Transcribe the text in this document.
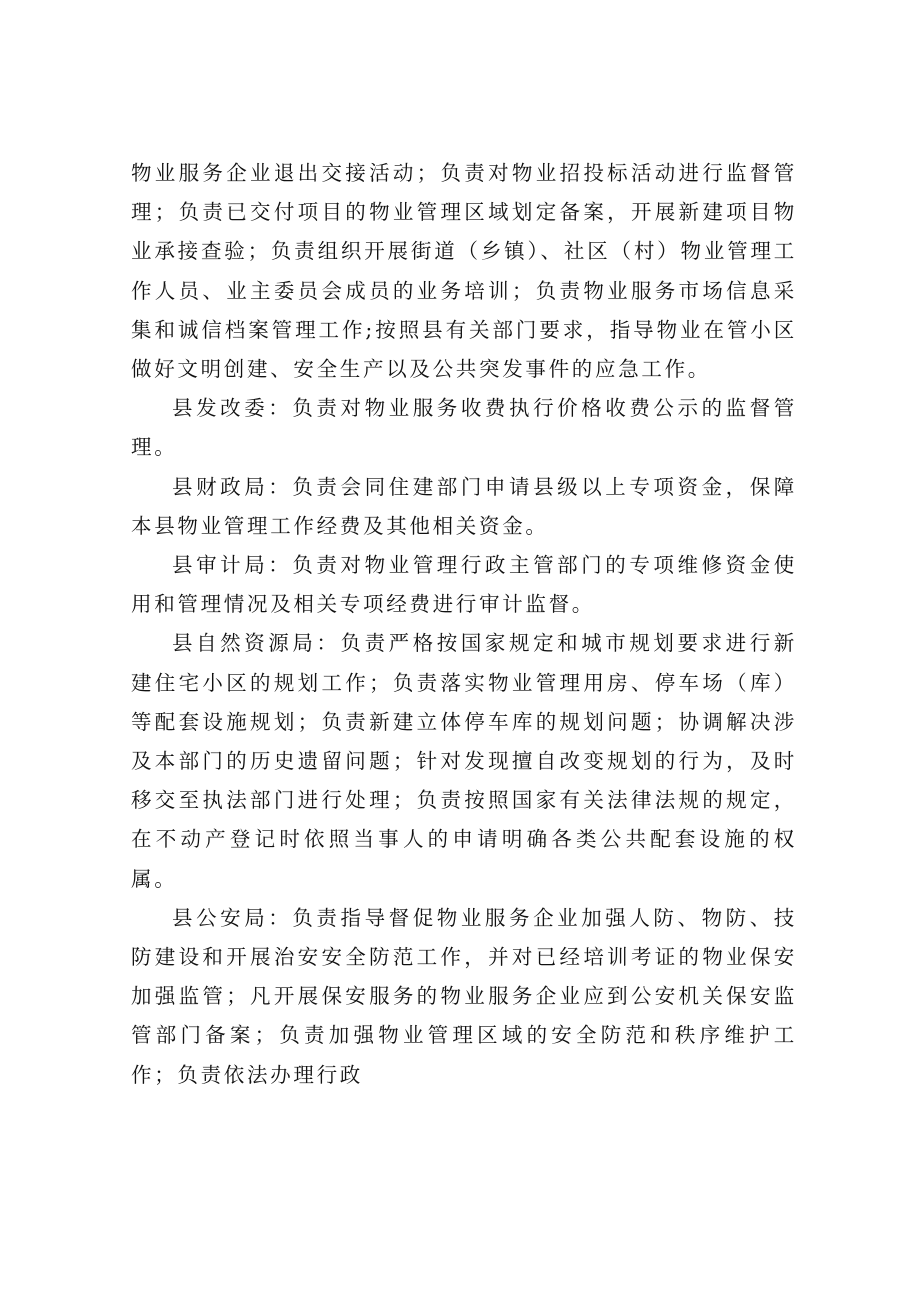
物业服务企业退出交接活动；负责对物业招投标活动进行监督管理；负责已交付项目的物业管理区域划定备案，开展新建项目物业承接查验；负责组织开展街道（乡镇）、社区（村）物业管理工作人员、业主委员会成员的业务培训；负责物业服务市场信息采集和诚信档案管理工作;按照县有关部门要求，指导物业在管小区做好文明创建、安全生产以及公共突发事件的应急工作。

县发改委：负责对物业服务收费执行价格收费公示的监督管理。

县财政局：负责会同住建部门申请县级以上专项资金，保障本县物业管理工作经费及其他相关资金。

县审计局：负责对物业管理行政主管部门的专项维修资金使用和管理情况及相关专项经费进行审计监督。

县自然资源局：负责严格按国家规定和城市规划要求进行新建住宅小区的规划工作；负责落实物业管理用房、停车场（库）等配套设施规划；负责新建立体停车库的规划问题；协调解决涉及本部门的历史遗留问题；针对发现擅自改变规划的行为，及时移交至执法部门进行处理；负责按照国家有关法律法规的规定，在不动产登记时依照当事人的申请明确各类公共配套设施的权属。

县公安局：负责指导督促物业服务企业加强人防、物防、技防建设和开展治安安全防范工作，并对已经培训考证的物业保安加强监管；凡开展保安服务的物业服务企业应到公安机关保安监管部门备案；负责加强物业管理区域的安全防范和秩序维护工作；负责依法办理行政
